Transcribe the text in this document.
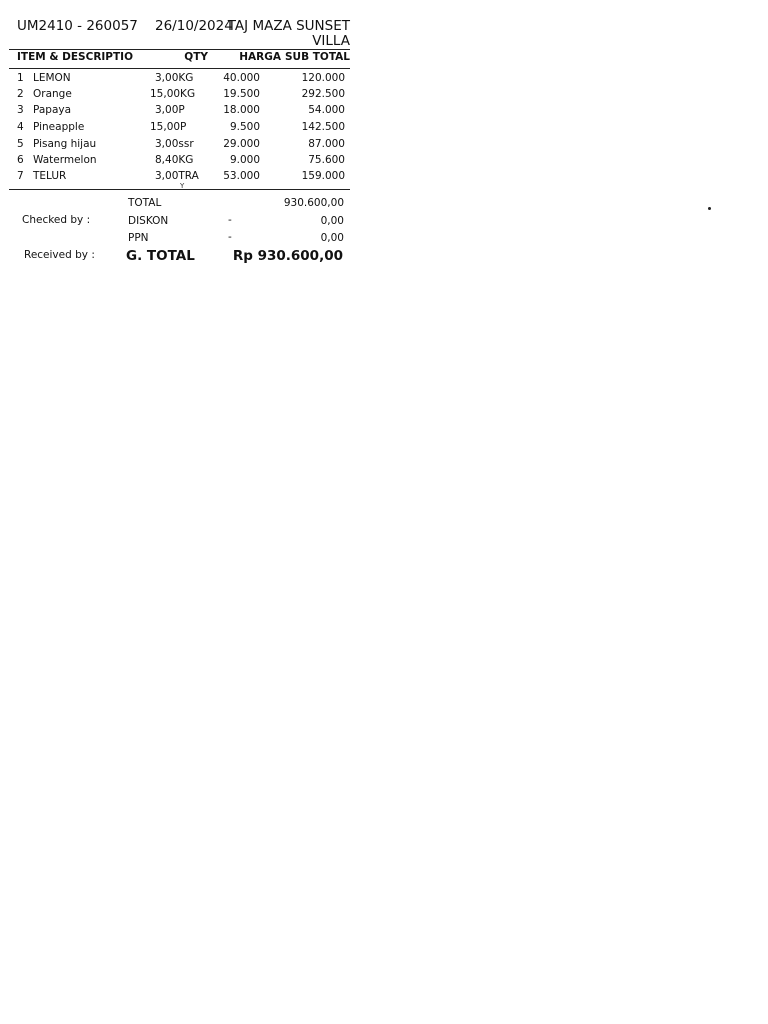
UM2410 - 260057 26/10/2024
TAJ MAZA SUNSET
VILLA
ITEM & DESCRIPTIO	QTY	HARGA SUB TOTAL
1 LEMON	3,00KG	40.000	120.000
2 Orange	15,00KG	19.500	292.500
3 Papaya	3,00P	18.000	54.000
4 Pineapple	15,00P	9.500	142.500
5 Pisang hijau	3,00ssr	29.000	87.000
6 Watermelon	8,40KG	9.000	75.600
7 TELUR	3,00TRA	53.000	159.000
Y
TOTAL	930.600,00
Checked by :	DISKON	-	0,00
PPN	-	0,00
Received by : G. TOTAL	Rp 930.600,00
